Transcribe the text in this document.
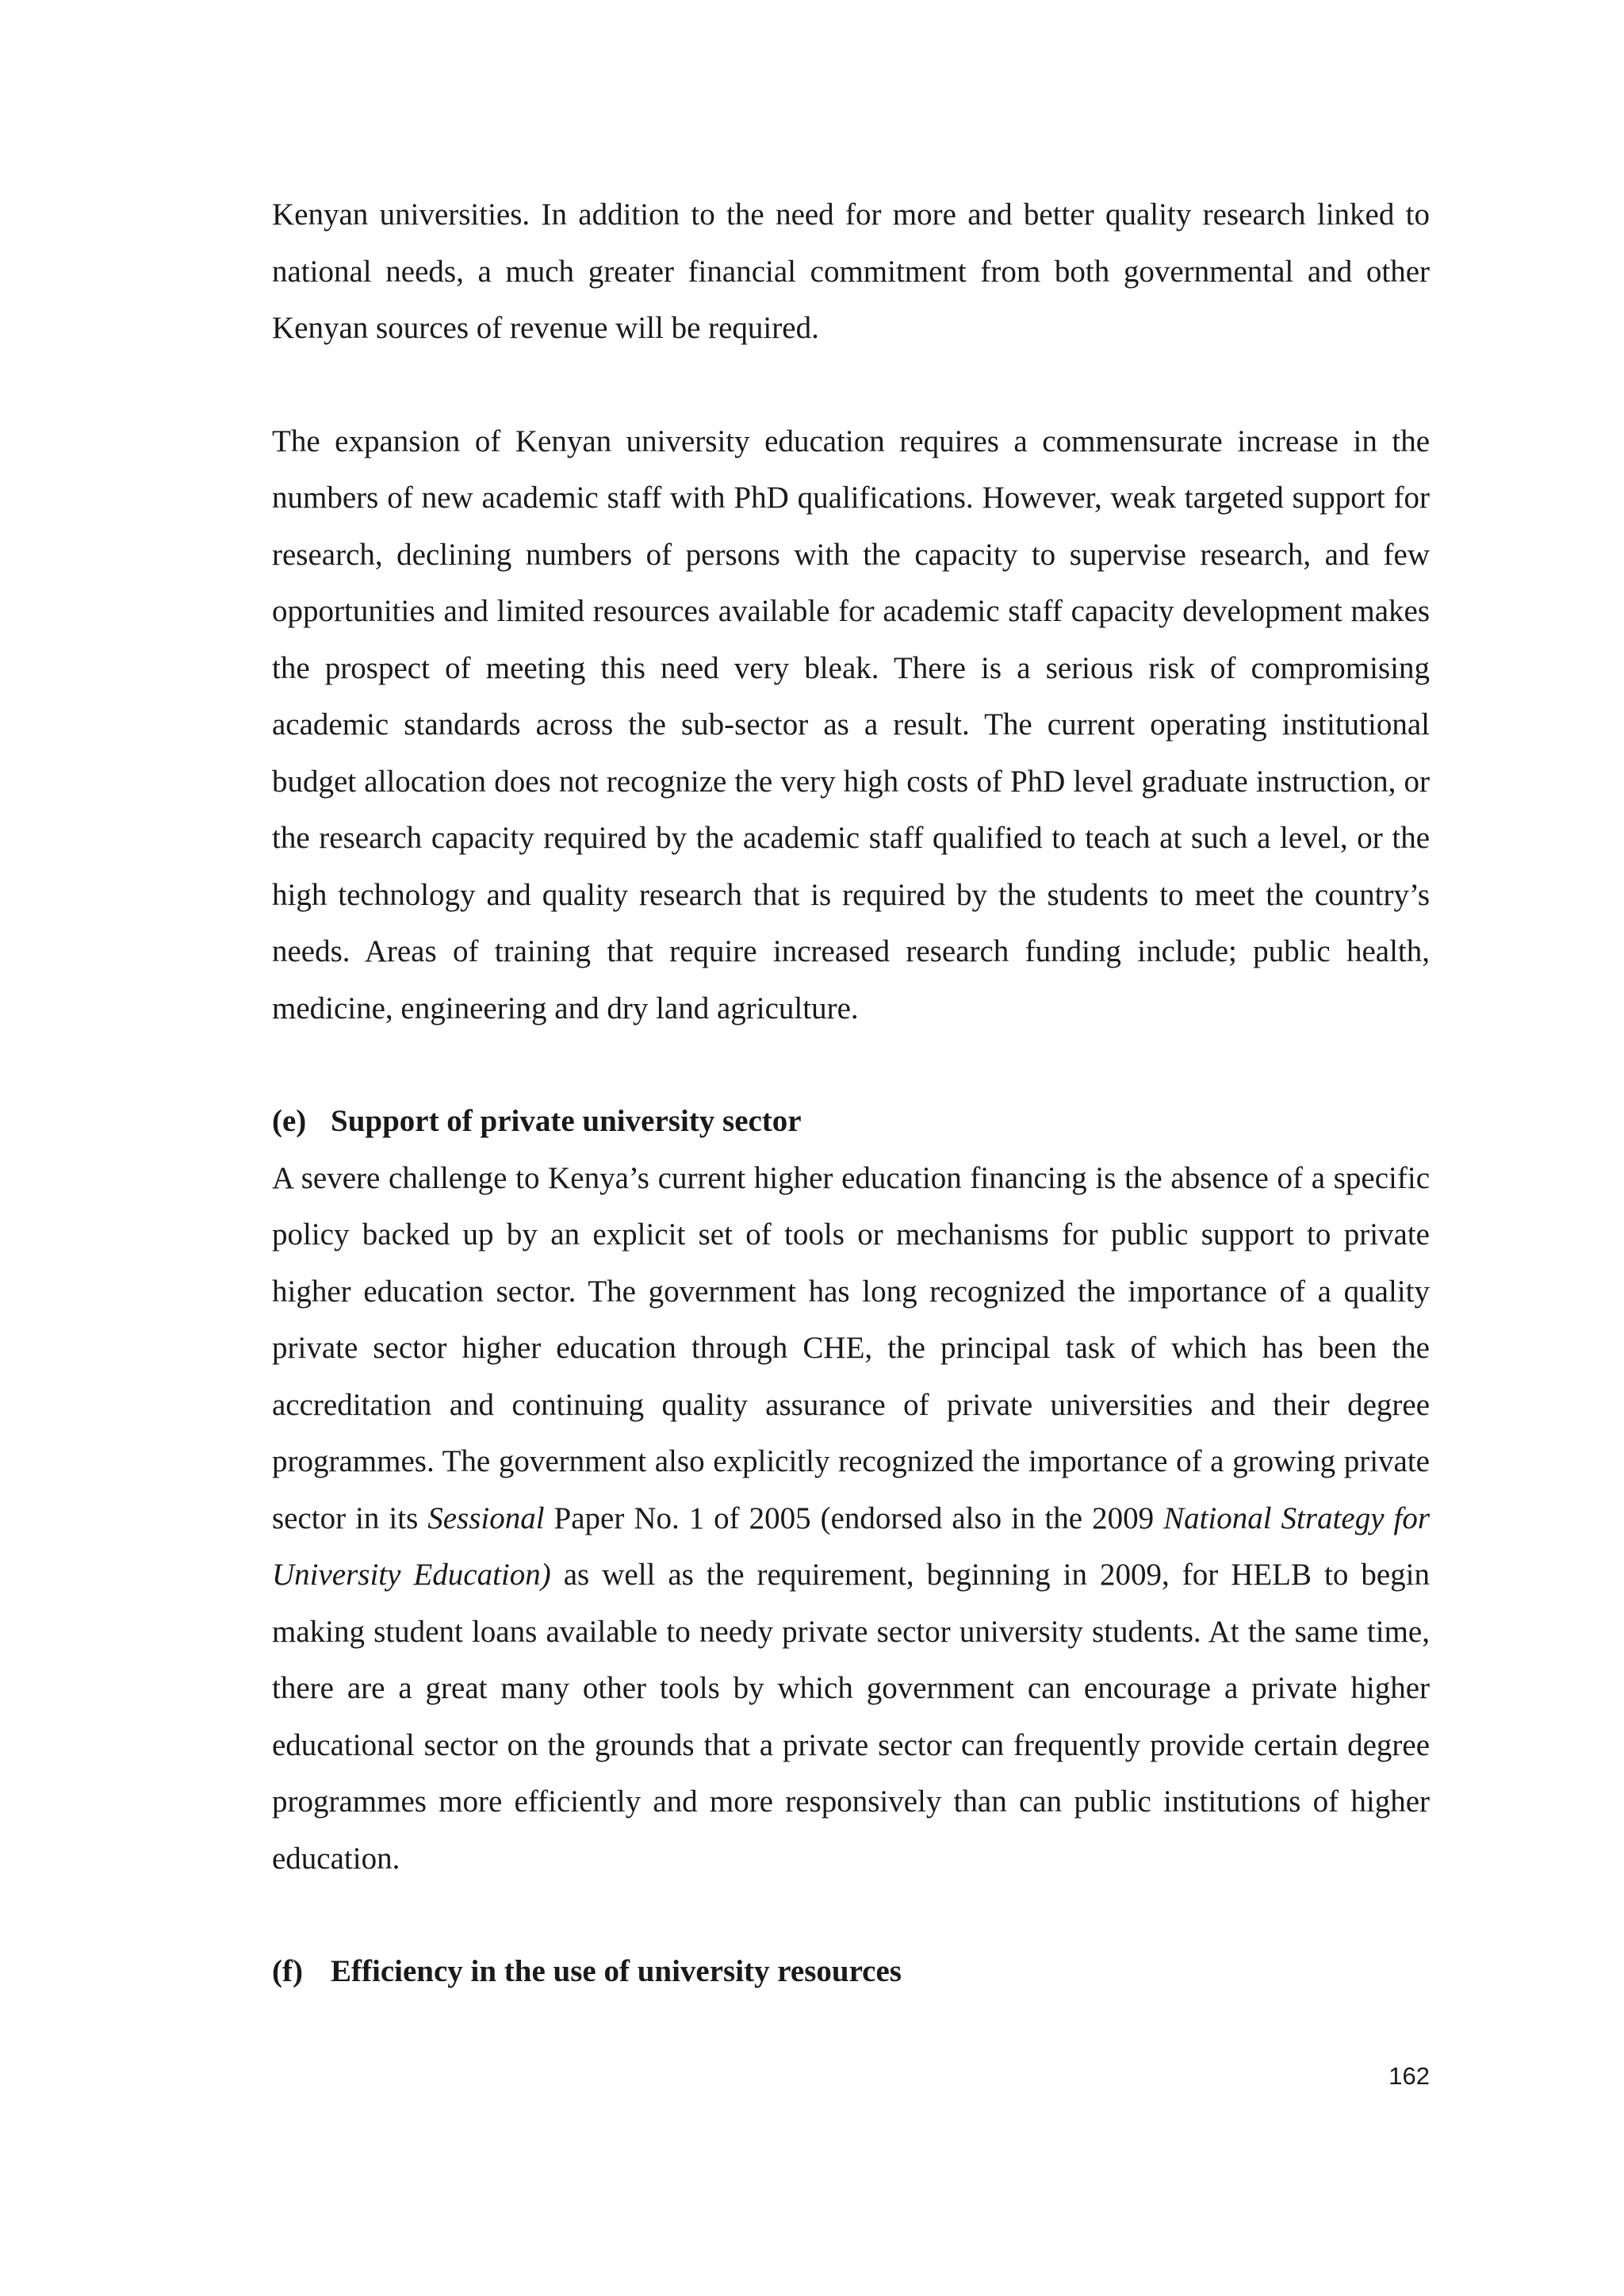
Kenyan universities. In addition to the need for more and better quality research linked to national needs, a much greater financial commitment from both governmental and other Kenyan sources of revenue will be required.

The expansion of Kenyan university education requires a commensurate increase in the numbers of new academic staff with PhD qualifications. However, weak targeted support for research, declining numbers of persons with the capacity to supervise research, and few opportunities and limited resources available for academic staff capacity development makes the prospect of meeting this need very bleak. There is a serious risk of compromising academic standards across the sub-sector as a result. The current operating institutional budget allocation does not recognize the very high costs of PhD level graduate instruction, or the research capacity required by the academic staff qualified to teach at such a level, or the high technology and quality research that is required by the students to meet the country’s needs. Areas of training that require increased research funding include; public health, medicine, engineering and dry land agriculture.

(e) Support of private university sector

A severe challenge to Kenya’s current higher education financing is the absence of a specific policy backed up by an explicit set of tools or mechanisms for public support to private higher education sector. The government has long recognized the importance of a quality private sector higher education through CHE, the principal task of which has been the accreditation and continuing quality assurance of private universities and their degree programmes. The government also explicitly recognized the importance of a growing private sector in its Sessional Paper No. 1 of 2005 (endorsed also in the 2009 National Strategy for University Education) as well as the requirement, beginning in 2009, for HELB to begin making student loans available to needy private sector university students. At the same time, there are a great many other tools by which government can encourage a private higher educational sector on the grounds that a private sector can frequently provide certain degree programmes more efficiently and more responsively than can public institutions of higher education.

(f) Efficiency in the use of university resources
162
